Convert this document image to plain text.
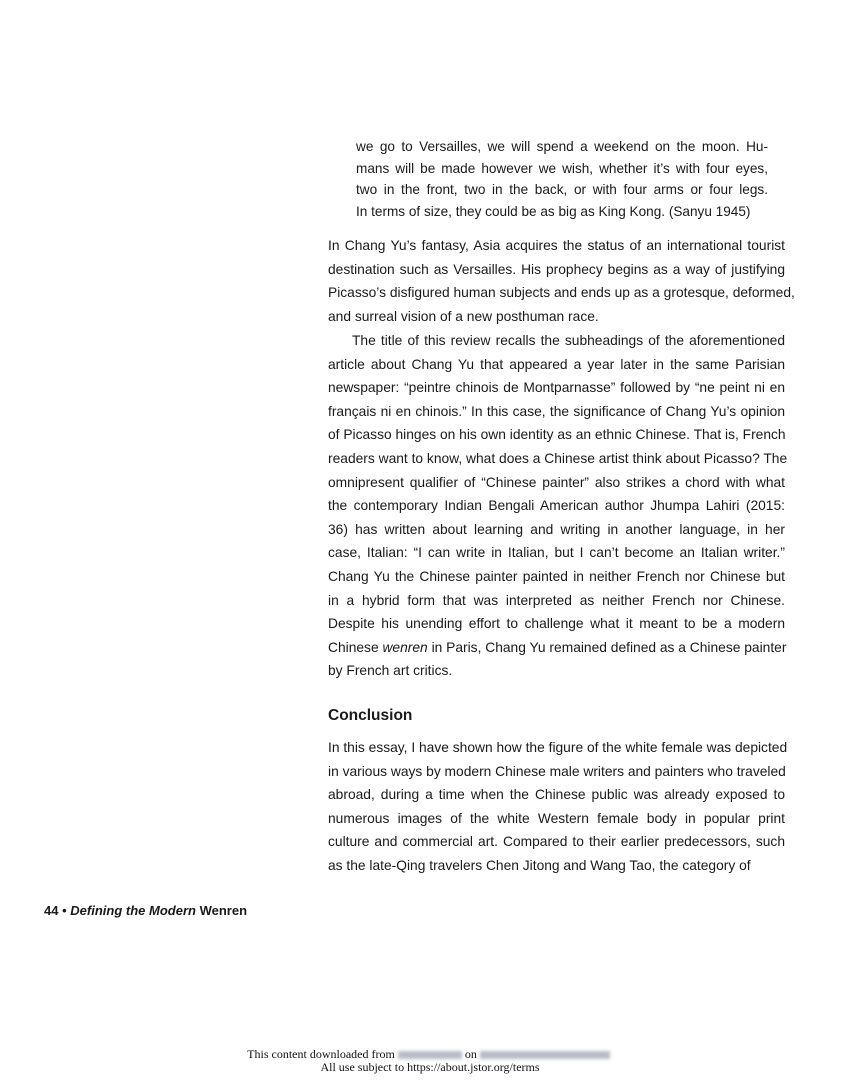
we go to Versailles, we will spend a weekend on the moon. Hu-
mans will be made however we wish, whether it’s with four eyes,
two in the front, two in the back, or with four arms or four legs.
In terms of size, they could be as big as King Kong. (Sanyu 1945)
In Chang Yu’s fantasy, Asia acquires the status of an international tourist
destination such as Versailles. His prophecy begins as a way of justifying
Picasso’s disfigured human subjects and ends up as a grotesque, deformed,
and surreal vision of a new posthuman race.
The title of this review recalls the subheadings of the aforementioned
article about Chang Yu that appeared a year later in the same Parisian
newspaper: “peintre chinois de Montparnasse” followed by “ne peint ni en
français ni en chinois.” In this case, the significance of Chang Yu’s opinion
of Picasso hinges on his own identity as an ethnic Chinese. That is, French
readers want to know, what does a Chinese artist think about Picasso? The
omnipresent qualifier of “Chinese painter” also strikes a chord with what
the contemporary Indian Bengali American author Jhumpa Lahiri (2015:
36) has written about learning and writing in another language, in her
case, Italian: “I can write in Italian, but I can’t become an Italian writer.”
Chang Yu the Chinese painter painted in neither French nor Chinese but
in a hybrid form that was interpreted as neither French nor Chinese.
Despite his unending effort to challenge what it meant to be a modern
Chinese wenren in Paris, Chang Yu remained defined as a Chinese painter
by French art critics.
Conclusion
In this essay, I have shown how the figure of the white female was depicted
in various ways by modern Chinese male writers and painters who traveled
abroad, during a time when the Chinese public was already exposed to
numerous images of the white Western female body in popular print
culture and commercial art. Compared to their earlier predecessors, such
as the late-Qing travelers Chen Jitong and Wang Tao, the category of
44 • Defining the Modern Wenren
This content downloaded from	on
All use subject to https://about.jstor.org/terms
